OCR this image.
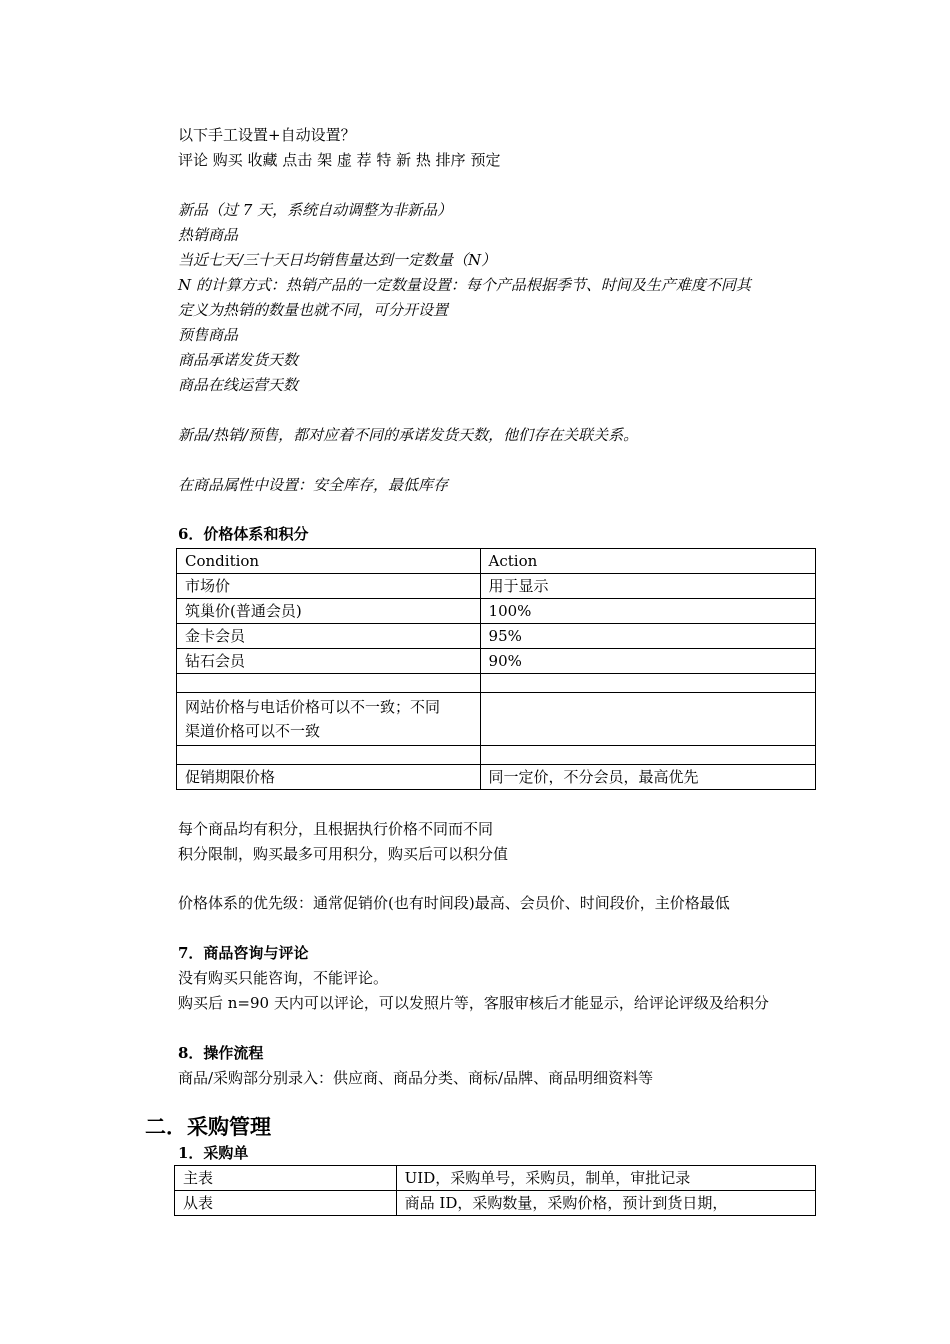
以下手工设置+自动设置？
评论 购买 收藏 点击 架 虚 荐 特 新 热 排序 预定
新品（过 7 天，系统自动调整为非新品）
热销商品
当近七天/三十天日均销售量达到一定数量（N）
N 的计算方式：热销产品的一定数量设置：每个产品根据季节、时间及生产难度不同其
定义为热销的数量也就不同，可分开设置
预售商品
商品承诺发货天数
商品在线运营天数
新品/热销/预售，都对应着不同的承诺发货天数，他们存在关联关系。
在商品属性中设置：安全库存，最低库存
6．价格体系和积分
Condition	Action
市场价	用于显示
筑巢价(普通会员)	100%
金卡会员	95%
钻石会员	90%

网站价格与电话价格可以不一致；不同
渠道价格可以不一致	

促销期限价格	同一定价，不分会员，最高优先
每个商品均有积分，且根据执行价格不同而不同
积分限制，购买最多可用积分，购买后可以积分值
价格体系的优先级：通常促销价(也有时间段)最高、会员价、时间段价，主价格最低
7．商品咨询与评论
没有购买只能咨询，不能评论。
购买后 n=90 天内可以评论，可以发照片等，客服审核后才能显示，给评论评级及给积分
8．操作流程
商品/采购部分别录入：供应商、商品分类、商标/品牌、商品明细资料等
二．采购管理
1．采购单
主表	UID，采购单号，采购员，制单，审批记录
从表	商品 ID，采购数量，采购价格，预计到货日期，
